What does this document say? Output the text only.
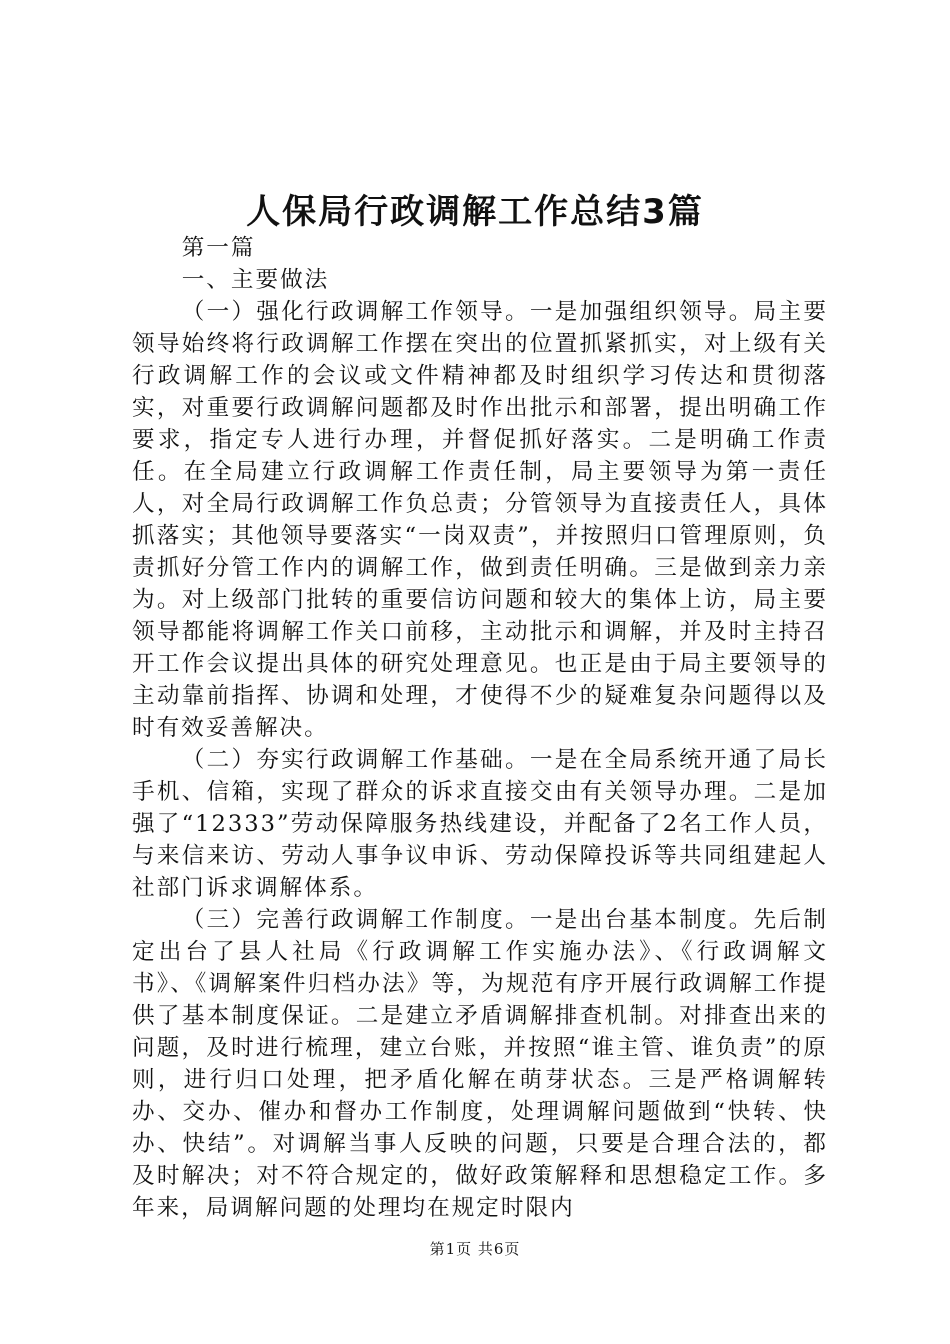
人保局行政调解工作总结3篇

第一篇

一、主要做法

（一）强化行政调解工作领导。一是加强组织领导。局主要领导始终将行政调解工作摆在突出的位置抓紧抓实，对上级有关行政调解工作的会议或文件精神都及时组织学习传达和贯彻落实，对重要行政调解问题都及时作出批示和部署，提出明确工作要求，指定专人进行办理，并督促抓好落实。二是明确工作责任。在全局建立行政调解工作责任制，局主要领导为第一责任人，对全局行政调解工作负总责；分管领导为直接责任人，具体抓落实；其他领导要落实“一岗双责”，并按照归口管理原则，负责抓好分管工作内的调解工作，做到责任明确。三是做到亲力亲为。对上级部门批转的重要信访问题和较大的集体上访，局主要领导都能将调解工作关口前移，主动批示和调解，并及时主持召开工作会议提出具体的研究处理意见。也正是由于局主要领导的主动靠前指挥、协调和处理，才使得不少的疑难复杂问题得以及时有效妥善解决。

（二）夯实行政调解工作基础。一是在全局系统开通了局长手机、信箱，实现了群众的诉求直接交由有关领导办理。二是加强了“12333”劳动保障服务热线建设，并配备了2名工作人员，与来信来访、劳动人事争议申诉、劳动保障投诉等共同组建起人社部门诉求调解体系。

（三）完善行政调解工作制度。一是出台基本制度。先后制定出台了县人社局《行政调解工作实施办法》、《行政调解文书》、《调解案件归档办法》等，为规范有序开展行政调解工作提供了基本制度保证。二是建立矛盾调解排查机制。对排查出来的问题，及时进行梳理，建立台账，并按照“谁主管、谁负责”的原则，进行归口处理，把矛盾化解在萌芽状态。三是严格调解转办、交办、催办和督办工作制度，处理调解问题做到“快转、快办、快结”。对调解当事人反映的问题，只要是合理合法的，都及时解决；对不符合规定的，做好政策解释和思想稳定工作。多年来，局调解问题的处理均在规定时限内

第1页 共6页
